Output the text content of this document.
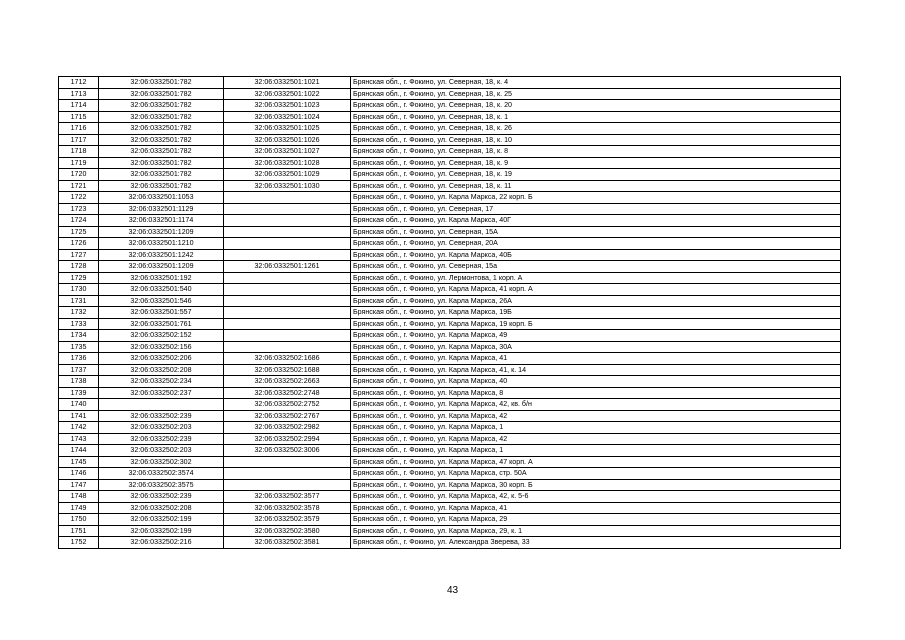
1712	32:06:0332501:782	32:06:0332501:1021	Брянская обл., г. Фокино, ул. Северная, 18, к. 4
1713	32:06:0332501:782	32:06:0332501:1022	Брянская обл., г. Фокино, ул. Северная, 18, к. 25
1714	32:06:0332501:782	32:06:0332501:1023	Брянская обл., г. Фокино, ул. Северная, 18, к. 20
1715	32:06:0332501:782	32:06:0332501:1024	Брянская обл., г. Фокино, ул. Северная, 18, к. 1
1716	32:06:0332501:782	32:06:0332501:1025	Брянская обл., г. Фокино, ул. Северная, 18, к. 26
1717	32:06:0332501:782	32:06:0332501:1026	Брянская обл., г. Фокино, ул. Северная, 18, к. 10
1718	32:06:0332501:782	32:06:0332501:1027	Брянская обл., г. Фокино, ул. Северная, 18, к. 8
1719	32:06:0332501:782	32:06:0332501:1028	Брянская обл., г. Фокино, ул. Северная, 18, к. 9
1720	32:06:0332501:782	32:06:0332501:1029	Брянская обл., г. Фокино, ул. Северная, 18, к. 19
1721	32:06:0332501:782	32:06:0332501:1030	Брянская обл., г. Фокино, ул. Северная, 18, к. 11
1722	32:06:0332501:1053		Брянская обл., г. Фокино, ул. Карла Маркса, 22 корп. Б
1723	32:06:0332501:1129		Брянская обл., г. Фокино, ул. Северная, 17
1724	32:06:0332501:1174		Брянская обл., г. Фокино, ул. Карла Маркса, 40Г
1725	32:06:0332501:1209		Брянская обл., г. Фокино, ул. Северная, 15А
1726	32:06:0332501:1210		Брянская обл., г. Фокино, ул. Северная, 20А
1727	32:06:0332501:1242		Брянская обл., г. Фокино, ул. Карла Маркса, 40Б
1728	32:06:0332501:1209	32:06:0332501:1261	Брянская обл., г. Фокино, ул. Северная, 15а
1729	32:06:0332501:192		Брянская обл., г. Фокино, ул. Лермонтова, 1 корп. А
1730	32:06:0332501:540		Брянская обл., г. Фокино, ул. Карла Маркса, 41 корп. А
1731	32:06:0332501:546		Брянская обл., г. Фокино, ул. Карла Маркса, 26А
1732	32:06:0332501:557		Брянская обл., г. Фокино, ул. Карла Маркса, 19Б
1733	32:06:0332501:761		Брянская обл., г. Фокино, ул. Карла Маркса, 19 корп. Б
1734	32:06:0332502:152		Брянская обл., г. Фокино, ул. Карла Маркса, 49
1735	32:06:0332502:156		Брянская обл., г. Фокино, ул. Карла Маркса, 30А
1736	32:06:0332502:206	32:06:0332502:1686	Брянская обл., г. Фокино, ул. Карла Маркса, 41
1737	32:06:0332502:208	32:06:0332502:1688	Брянская обл., г. Фокино, ул. Карла Маркса, 41, к. 14
1738	32:06:0332502:234	32:06:0332502:2663	Брянская обл., г. Фокино, ул. Карла Маркса, 40
1739	32:06:0332502:237	32:06:0332502:2748	Брянская обл., г. Фокино, ул. Карла Маркса, 8
1740		32:06:0332502:2752	Брянская обл., г. Фокино, ул. Карла Маркса, 42, кв. б/н
1741	32:06:0332502:239	32:06:0332502:2767	Брянская обл., г. Фокино, ул. Карла Маркса, 42
1742	32:06:0332502:203	32:06:0332502:2982	Брянская обл., г. Фокино, ул. Карла Маркса, 1
1743	32:06:0332502:239	32:06:0332502:2994	Брянская обл., г. Фокино, ул. Карла Маркса, 42
1744	32:06:0332502:203	32:06:0332502:3006	Брянская обл., г. Фокино, ул. Карла Маркса, 1
1745	32:06:0332502:302		Брянская обл., г. Фокино, ул. Карла Маркса, 47 корп. А
1746	32:06:0332502:3574		Брянская обл., г. Фокино, ул. Карла Маркса, стр. 50А
1747	32:06:0332502:3575		Брянская обл., г. Фокино, ул. Карла Маркса, 30 корп. Б
1748	32:06:0332502:239	32:06:0332502:3577	Брянская обл., г. Фокино, ул. Карла Маркса, 42, к. 5-6
1749	32:06:0332502:208	32:06:0332502:3578	Брянская обл., г. Фокино, ул. Карла Маркса, 41
1750	32:06:0332502:199	32:06:0332502:3579	Брянская обл., г. Фокино, ул. Карла Маркса, 29
1751	32:06:0332502:199	32:06:0332502:3580	Брянская обл., г. Фокино, ул. Карла Маркса, 29, к. 1
1752	32:06:0332502:216	32:06:0332502:3581	Брянская обл., г. Фокино, ул. Александра Зверева, 33
43
